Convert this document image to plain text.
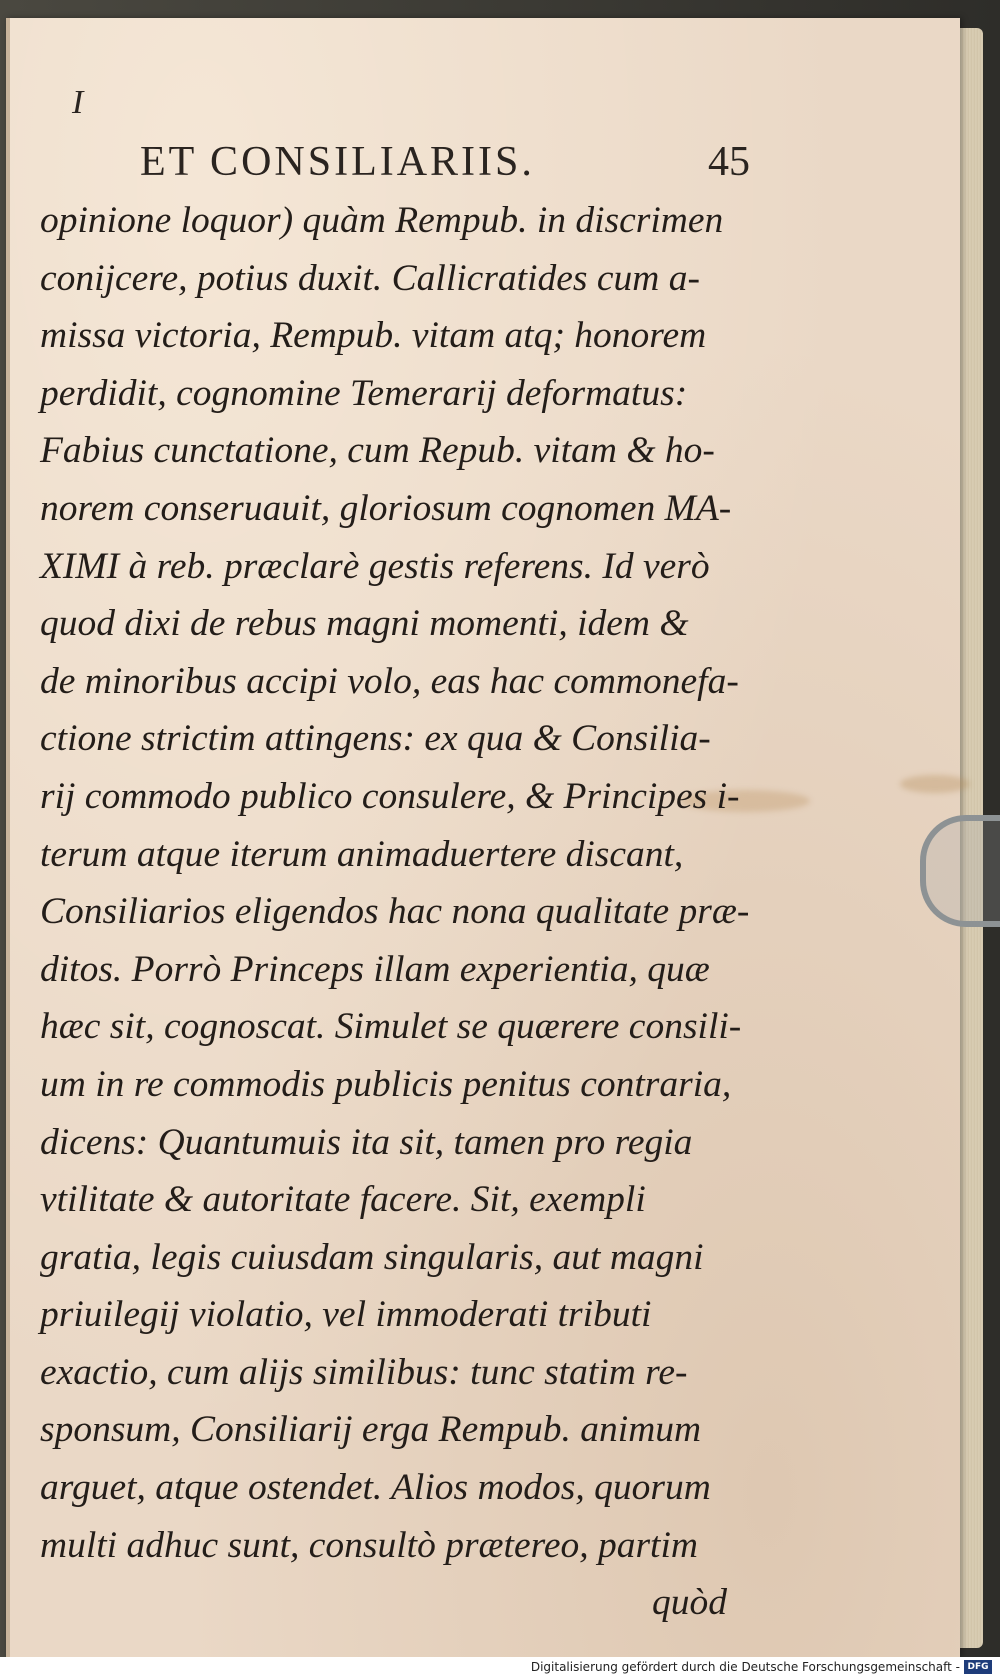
I
ET CONSILIARIIS.	45
opinione loquor) quàm Rempub. in discrimen
conijcere, potius duxit. Callicratides cum a-
missa victoria, Rempub. vitam atq; honorem
perdidit, cognomine Temerarij deformatus:
Fabius cunctatione, cum Repub. vitam & ho-
norem conseruauit, gloriosum cognomen MA-
XIMI à reb. præclarè gestis referens. Id verò
quod dixi de rebus magni momenti, idem &
de minoribus accipi volo, eas hac commonefa-
ctione strictim attingens: ex qua & Consilia-
rij commodo publico consulere, & Principes i-
terum atque iterum animaduertere discant,
Consiliarios eligendos hac nona qualitate præ-
ditos. Porrò Princeps illam experientia, quæ
hæc sit, cognoscat. Simulet se quærere consili-
um in re commodis publicis penitus contraria,
dicens: Quantumuis ita sit, tamen pro regia
vtilitate & autoritate facere. Sit, exempli
gratia, legis cuiusdam singularis, aut magni
priuilegij violatio, vel immoderati tributi
exactio, cum alijs similibus: tunc statim re-
sponsum, Consiliarij erga Rempub. animum
arguet, atque ostendet. Alios modos, quorum
multi adhuc sunt, consultò prætereo, partim
quòd
Digitalisierung gefördert durch die Deutsche Forschungsgemeinschaft - DFG
